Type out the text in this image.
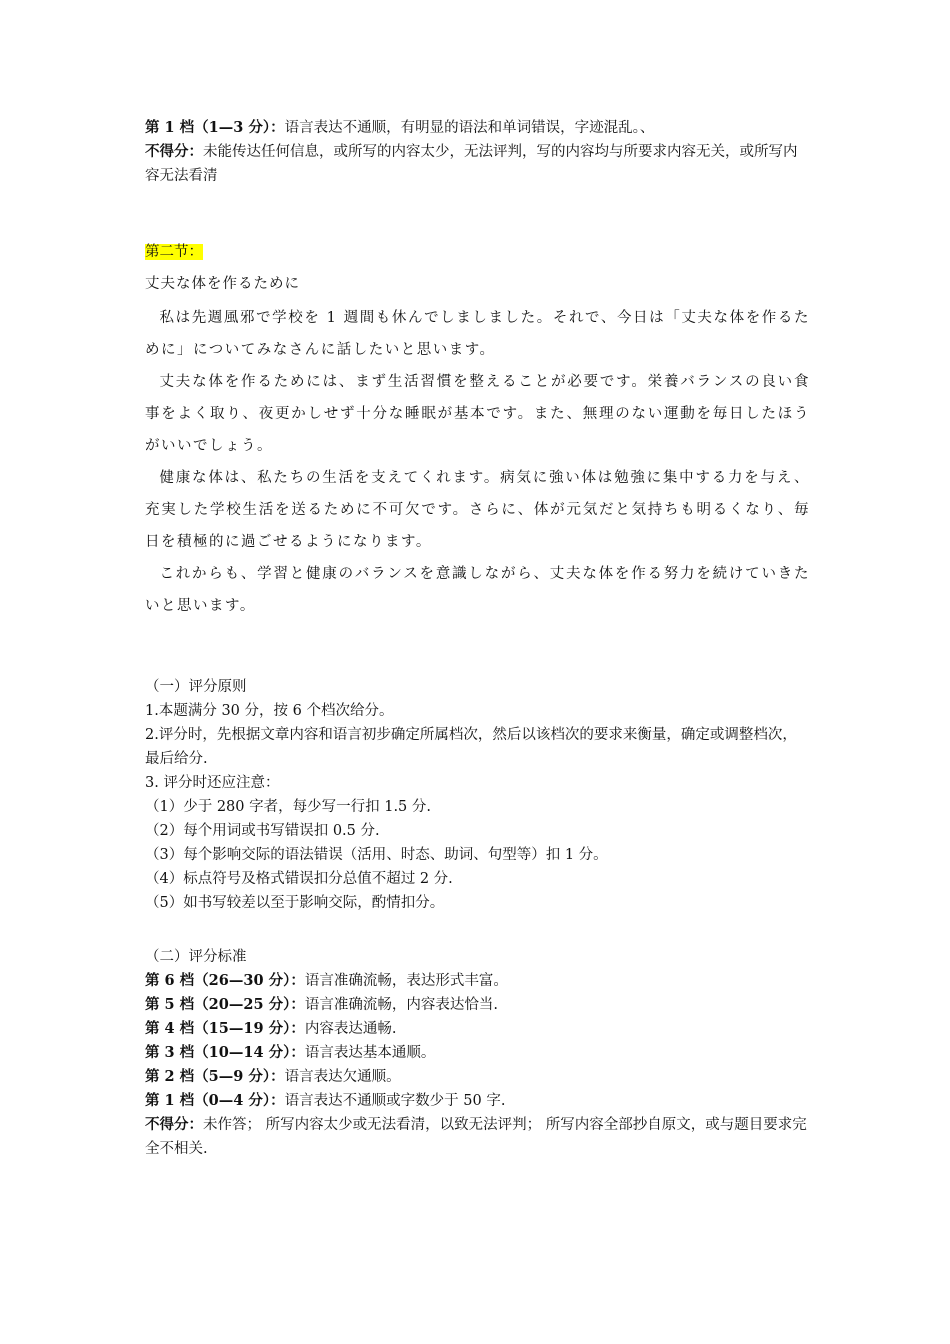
第 1 档（1—3 分）：语言表达不通顺，有明显的语法和单词错误，字迹混乱。、

不得分：未能传达任何信息，或所写的内容太少，无法评判，写的内容均与所要求内容无关，或所写内容无法看清

第二节：

丈夫な体を作るために

私は先週風邪で学校を 1 週間も休んでしましました。それで、今日は「丈夫な体を作るために」についてみなさんに話したいと思います。

丈夫な体を作るためには、まず生活習慣を整えることが必要です。栄養バランスの良い食事をよく取り、夜更かしせず十分な睡眠が基本です。また、無理のない運動を毎日したほうがいいでしょう。

健康な体は、私たちの生活を支えてくれます。病気に強い体は勉強に集中する力を与え、充実した学校生活を送るために不可欠です。さらに、体が元気だと気持ちも明るくなり、毎日を積極的に過ごせるようになります。

これからも、学習と健康のバランスを意識しながら、丈夫な体を作る努力を続けていきたいと思います。

（一）评分原则

1.本题满分 30 分，按 6 个档次给分。

2.评分时，先根据文章内容和语言初步确定所属档次，然后以该档次的要求来衡量，确定或调整档次，最后给分.

3. 评分时还应注意：

（1）少于 280 字者，每少写一行扣 1.5 分.

（2）每个用词或书写错误扣 0.5 分.

（3）每个影响交际的语法错误（活用、时态、助词、句型等）扣 1 分。

（4）标点符号及格式错误扣分总值不超过 2 分.

（5）如书写较差以至于影响交际，酌情扣分。

（二）评分标准

第 6 档（26—30 分）：语言准确流畅，表达形式丰富。

第 5 档（20—25 分）：语言准确流畅，内容表达恰当.

第 4 档（15—19 分）：内容表达通畅.

第 3 档（10—14 分）：语言表达基本通顺。

第 2 档（5—9 分）：语言表达欠通顺。

第 1 档（0—4 分）：语言表达不通顺或字数少于 50 字.

不得分：未作答； 所写内容太少或无法看清，以致无法评判； 所写内容全部抄自原文，或与题目要求完全不相关.
